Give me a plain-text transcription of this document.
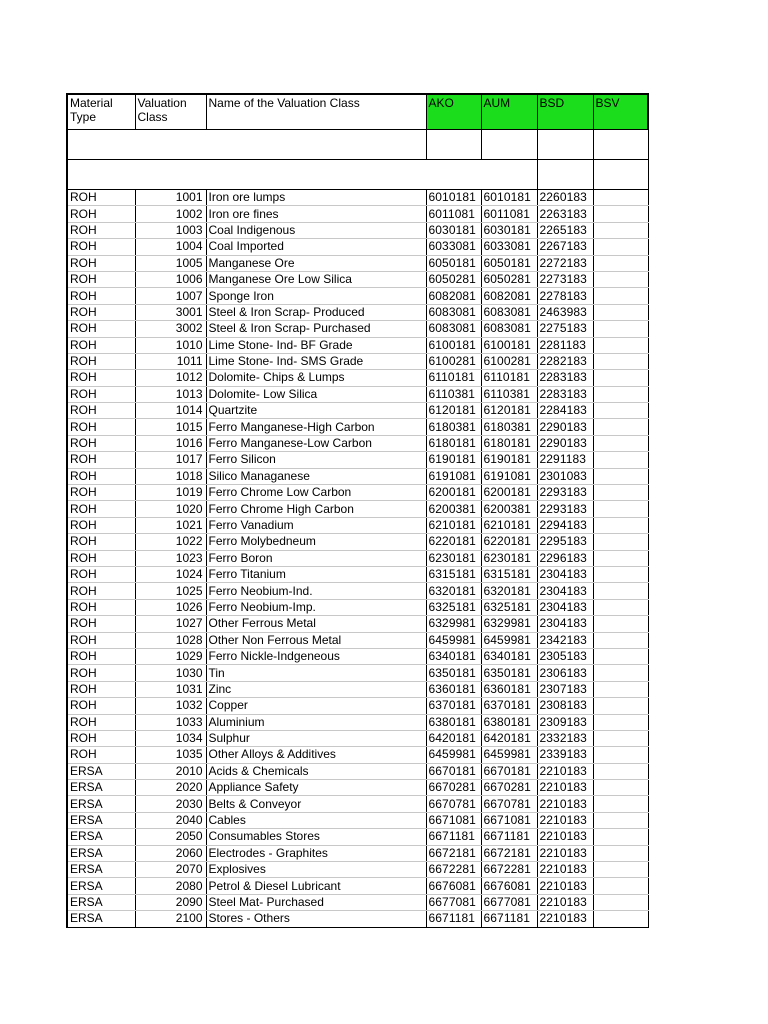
Material Type	Valuation Class	Name of the Valuation Class	AKO	AUM	BSD	BSV

ROH	1001	Iron ore lumps	6010181	6010181	2260183	
ROH	1002	Iron ore fines	6011081	6011081	2263183	
ROH	1003	Coal Indigenous	6030181	6030181	2265183	
ROH	1004	Coal Imported	6033081	6033081	2267183	
ROH	1005	Manganese Ore	6050181	6050181	2272183	
ROH	1006	Manganese Ore Low Silica	6050281	6050281	2273183	
ROH	1007	Sponge Iron	6082081	6082081	2278183	
ROH	3001	Steel & Iron Scrap- Produced	6083081	6083081	2463983	
ROH	3002	Steel & Iron Scrap- Purchased	6083081	6083081	2275183	
ROH	1010	Lime Stone- Ind- BF Grade	6100181	6100181	2281183	
ROH	1011	Lime Stone- Ind- SMS Grade	6100281	6100281	2282183	
ROH	1012	Dolomite- Chips & Lumps	6110181	6110181	2283183	
ROH	1013	Dolomite- Low Silica	6110381	6110381	2283183	
ROH	1014	Quartzite	6120181	6120181	2284183	
ROH	1015	Ferro Manganese-High Carbon	6180381	6180381	2290183	
ROH	1016	Ferro Manganese-Low Carbon	6180181	6180181	2290183	
ROH	1017	Ferro Silicon	6190181	6190181	2291183	
ROH	1018	Silico Managanese	6191081	6191081	2301083	
ROH	1019	Ferro Chrome Low Carbon	6200181	6200181	2293183	
ROH	1020	Ferro Chrome High Carbon	6200381	6200381	2293183	
ROH	1021	Ferro Vanadium	6210181	6210181	2294183	
ROH	1022	Ferro Molybedneum	6220181	6220181	2295183	
ROH	1023	Ferro Boron	6230181	6230181	2296183	
ROH	1024	Ferro Titanium	6315181	6315181	2304183	
ROH	1025	Ferro Neobium-Ind.	6320181	6320181	2304183	
ROH	1026	Ferro Neobium-Imp.	6325181	6325181	2304183	
ROH	1027	Other Ferrous Metal	6329981	6329981	2304183	
ROH	1028	Other Non Ferrous Metal	6459981	6459981	2342183	
ROH	1029	Ferro Nickle-Indgeneous	6340181	6340181	2305183	
ROH	1030	Tin	6350181	6350181	2306183	
ROH	1031	Zinc	6360181	6360181	2307183	
ROH	1032	Copper	6370181	6370181	2308183	
ROH	1033	Aluminium	6380181	6380181	2309183	
ROH	1034	Sulphur	6420181	6420181	2332183	
ROH	1035	Other Alloys & Additives	6459981	6459981	2339183	
ERSA	2010	Acids & Chemicals	6670181	6670181	2210183	
ERSA	2020	Appliance Safety	6670281	6670281	2210183	
ERSA	2030	Belts & Conveyor	6670781	6670781	2210183	
ERSA	2040	Cables	6671081	6671081	2210183	
ERSA	2050	Consumables Stores	6671181	6671181	2210183	
ERSA	2060	Electrodes - Graphites	6672181	6672181	2210183	
ERSA	2070	Explosives	6672281	6672281	2210183	
ERSA	2080	Petrol & Diesel Lubricant	6676081	6676081	2210183	
ERSA	2090	Steel Mat- Purchased	6677081	6677081	2210183	
ERSA	2100	Stores - Others	6671181	6671181	2210183	
